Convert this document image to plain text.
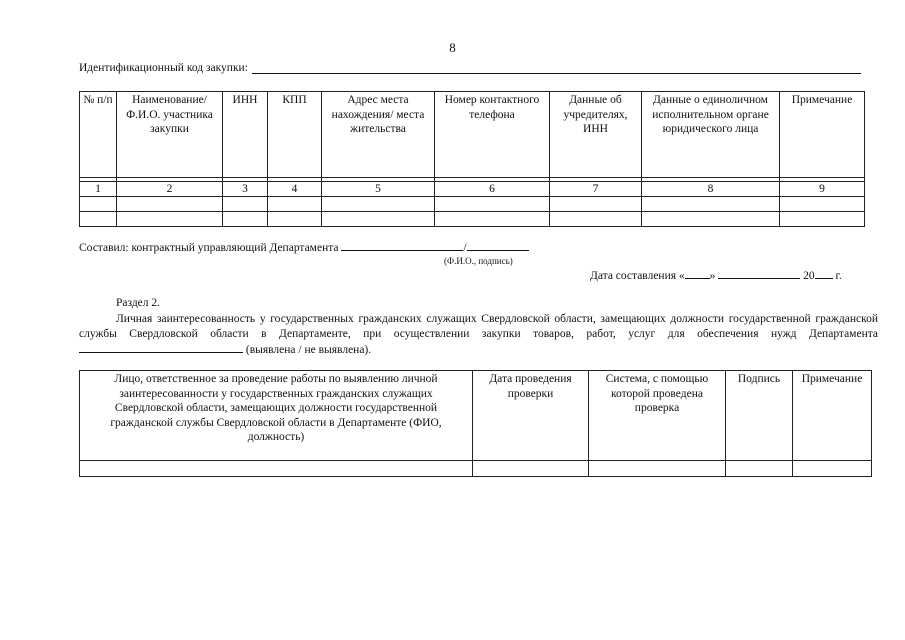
8
Идентификационный код закупки:
№ п/п	Наименование/ Ф.И.О. участника закупки	ИНН	КПП	Адрес места нахождения/ места жительства	Номер контактного телефона	Данные об учредителях, ИНН	Данные о единоличном исполнительном органе юридического лица	Примечание

1	2	3	4	5	6	7	8	9

Составил: контрактный управляющий Департамента	/
(Ф.И.О., подпись)
Дата составления « »	20 г.
Раздел 2.
Личная заинтересованность у государственных гражданских служащих Свердловской области, замещающих должности государственной гражданской службы Свердловской области в Департаменте, при осуществлении закупки товаров, работ, услуг для обеспечения нужд Департамента  (выявлена / не выявлена).
Лицо, ответственное за проведение работы по выявлению личной заинтересованности у государственных гражданских служащих Свердловской области, замещающих должности государственной гражданской службы Свердловской области в Департаменте (ФИО, должность)	Дата проведения проверки	Система, с помощью которой проведена проверка	Подпись	Примечание
